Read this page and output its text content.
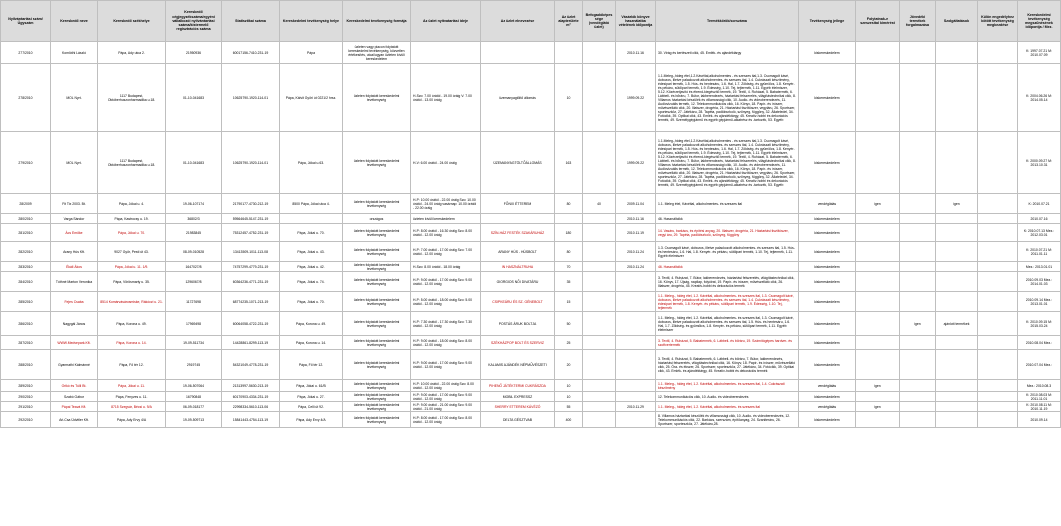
Nyilvántartási szám/ Ügyszám	Kereskedő neve	Kereskedő székhelye	Kereskedő cégjegyzékszáma/egyéni vállalkozói nyilvántartási száma/kistermelő regisztrációs száma	Statisztikai száma	Kereskedelmi tevékenység helye	Kereskedelmi tevékenység formája	Az üzlet nyitvatartási ideje	Az üzlet elnevezése	Az üzlet alapterülete m²	Befogadóképessége (vendéglátó üzlet)	Vásárlók könyve használatba vételének időpontja	Termékkörök/sorszáma	Tevékenység jellege	Folytatnak-e szeszesital kimérést	Jövedéki termékek forgalmazása	Szolgáltatások	Külön engedélyhez kötött tevékenység megkezdése	Kereskedelmi tevékenység megszűnésének időpontja / Mez.
277/2010	Komlóthi László	Pápa, Ady utca 2.	21950936	60017156-7410-231-19	Pápa	üzleten vagy piacon folytatott kereskedelmi tevékenység, közvetlen értékesítés, utcai/ugyan üzleten kívüli kereskedelem					2010.11.16	30. Virág és kertészeti cikk, 45. Emlék- és ajándéktárgy	kiskereskedelem					K: 1997.07.21 M: 2010.07.09
278/2010	MOL Nyrt.	1117 Budapest, Októberhuszonharmadika u.18.	01-10-041683	10625790-1920-114-01	Pápa, Kálvit Győri út 0221/2 hrsz.	üzleten folytatott kereskedelmi tevékenység	H-Szo: 7.00 órától - 19.00 óráig V: 7.00 órától - 13.00 óráig	üzemanyagtöltő állomás	10		1999.09.22	1.1.Meleg-,hideg étel,1.2.Kávéital,alkoholmentes - és szeszes ital,1.3. Csomagolt kávé, dobozos, illetve palackozott alkoholmentes- és szeszes ital, 1.4. Cukrászati készítmény, édesipari termék, 1.5. Hús- és hentesáru, 1.6. Hal, 1.7. Zöldség- és gyümölcs, 1.8. Kenyér- és pékáru, sütőipari termék, 1.9. Édesség, 1.10. Tej, tejtermék, 1.11. Egyéb élelmiszer, 5.12. Közérzetjavító és étrend-kiegészítő termék, 19. Textil, 4. Ruházat, 5. Babatermék, 6. Lábbeli- és bőráru, 7. Bútor, lakberendezés, háztartási felszerelés, világítástechnikai cikk, 8. Villamos háztartási készülék és villamossági cikk, 10. Audio- és videoberendezés, 11. Audiovizuális termék, 12. Telekommunikációs cikk, 16. Könyv, 18. Papír- és írószer, művészellátó cikk, 20. Illatszer, drogéria, 21. Háztartási tisztítószer, vegyiáru, 26. Sportszer, sporteszköz, 27. Játékáru, 28. Tapéta, padlóburkoló, szőnyeg, függöny, 32. Állateledel, 34. Fotócikk, 39. Optikai cikk, 43. Emlék- és ajándéktárgy, 45. Kreatív-hobbi és dekorációs termék, 49. Személygépjármű és egyéb gépjármű-alkatrész és -tartozék, 53. Egyéb	kiskereskedelem					K: 2004.06.26 M: 2014.05.14
279/2010	MOL Nyrt.	1117 Budapest, Októberhuszonharmadika u.18.	01-10-041683	10625790-1920-114-01	Pápa, Jókai u.63.	üzleten folytatott kereskedelmi tevékenység	H-V: 6.00 órától - 24.00 óráig	ÜZEMANYAGTÖLTŐÁLLOMÁS	163		1999.09.22	1.1.Meleg-,hideg étel,1.2.Kávéital,alkoholmentes - és szeszes ital,1.3. Csomagolt kávé, dobozos, illetve palackozott alkoholmentes- és szeszes ital, 1.4. Cukrászati készítmény, édesipari termék, 1.5. Hús- és hentesáru, 1.6. Hal, 1.7. Zöldség- és gyümölcs, 1.8. Kenyér- és pékáru, sütőipari termék, 1.9. Édesség, 1.10. Tej, tejtermék, 1.11. Egyéb élelmiszer, 5.12. Közérzetjavító és étrend-kiegészítő termék, 19. Textil, 4. Ruházat, 5. Babatermék, 6. Lábbeli- és bőráru, 7. Bútor, lakberendezés, háztartási felszerelés, világítástechnikai cikk, 8. Villamos háztartási készülék és villamossági cikk, 10. Audio- és videoberendezés, 11. Audiovizuális termék, 12. Telekommunikációs cikk, 16. Könyv, 18. Papír- és írószer, művészellátó cikk, 20. Illatszer, drogéria, 21. Háztartási tisztítószer, vegyiáru, 26. Sportszer, sporteszköz, 27. Játékáru, 28. Tapéta, padlóburkoló, szőnyeg, függöny, 32. Állateledel, 34. Fotócikk, 39. Optikai cikk, 43. Emlék- és ajándéktárgy, 45. Kreatív-hobbi és dekorációs termék, 49. Személygépjármű és egyéb gépjármű-alkatrész és -tartozék, 53. Egyéb	kiskereskedelem					K: 2000.09.27 M: 2013.10.31
28/2009	Fit Tix 2003. Bt.	Pápa, Jókai u. 4.	19-06-107174	21790177-4730-212-19	8500 Pápa, Jókai utca 4.	üzleten folytatott kereskedelmi tevékenység	H-P: 10.00 órától - 22.00 óráig Szo: 10.00 órától - 24.00 óráig vasárnap: 10.00 órától - 22.00 óráig	FŐNIX ÉTTEREM	80	40	2009.11.04	1.1. Meleg étel, Kávéital, alkoholmentes- és szeszes ital	vendéglátás	igen		igen		K: 2010.07.21
280/2010	Varga Sándor	Pápa, Kastrocsy u. 19.	36802/3	59564645-5147-231-19		országos	üzleten kívüli kereskedelem				2010.11.16	46. Használtcikk	kiskereskedelem					2010.07.16
281/2010	Ács Emőke	Pápa, Jókai u. 70.	21983845	75312457-4752-231-19	Pápa, Jókai u. 70.	üzleten folytatott kereskedelmi tevékenység	H-P: 8.00 órától - 16.30 óráig Szo: 8.00 órától - 12.00 óráig	SZÍN-HÁZ FESTÉK SZAKÁRUHÁZ	180		2010.11.19	14. Vasáru, barkács, és építési anyag, 20. Illatszer, drogéria, 21. Háztartási tisztítószer, vegyi áru, 29. Tapéta, padlóburkoló, szőnyeg, függöny	kiskereskedelem					K: 2010.07.13 Mez.: 2012.03.01
282/2010	Arany Hús Kft.	9027 Győr, Pesti út 43.	08-09-010528	13413509-1011-113-08	Pápa, Jókai u. 43.	üzleten folytatott kereskedelmi tevékenység	H-P: 7.00 órától - 17.00 óráig Szo: 7.00 órától - 12.00 óráig	ARANY HÚS - HÚSBOLT	80		2010.11.24	1.3. Csomagolt kávé, dobozos, illetve palackozott alkoholmentes- és szeszes ital, 1.5. Hús- és hentesáru, 1.6. Hal, 1.8. Kenyér- és pékáru, sütőipari termék, 1.10. Tej, tejtermék, 1.11. Egyéb élelmiszer	kiskereskedelem					K: 2010.07.21 M: 2011.01.11
283/2010	Ékáli Ákos	Pápa, Jókai u. 11. 1/9.	1647027/8	74757299-4779-231-19	Pápa, Jókai u. 42.	üzleten folytatott kereskedelmi tevékenység	H-Szo: 8.00 órától - 18.00 óráig	IN HASZNÁLTRUHA	70		2010.11.24	46. Használtcikk	kiskereskedelem					Mez.: 2013.01.01
284/2010	Tóthné Marton Veronika	Pápa, Vörösmarty u. 35.	1296067/8	60364236-4771-231-19	Pápa, Jókai u. 74.	üzleten folytatott kereskedelmi tevékenység	H-P: 9.00 órától - 17.00 óráig Szo: 9.00 órától - 12.00 óráig	GIORGIOS NŐI DIVATÁRU	35			3. Textil, 4. Ruházat, 7. Bútor, lakberendezés, háztartási felszerelés, világítástechnikai cikk, 16. Könyv, 17. Újság, napilap, folyóirat, 19. Papír- és írószer, művészellátó cikk, 26. Illatszer, drogéria, 45. Kreatív-hobbi és dekorációs termék	kiskereskedelem					2010.09.03 Mez.: 2014.01.03
285/2010	Fejes Csaba	8514 Komárvásárosmiske, Rákóczi u. 21.	11727698	68774235-1071-213-19	Pápa, Jókai u. 70.	üzleten folytatott kereskedelmi tevékenység	H-P: 5.00 órától - 18.00 óráig Szo: 5.00 órától - 12.00 óráig	CSIPKEÁRU ÉS SZ. GÉNEBOLT	15			1.1. Meleg-, hideg étel, 1.2. Kávéital, alkoholmentes- és szeszes ital, 1.3. Csomagolt kávé, dobozos, illetve palackozott alkoholmentes- és szeszes ital, 1.4. Cukrászati készítmény, édesipari termék, 1.8. Kenyér- és pékáru, sütőipari termék, 1.9. Édesség, 1.10. Tej, tejtermék	kiskereskedelem					2010.09.14 Mez.: 2013.01.01
286/2010	Nagygál János	Pápa, Korona u. 49.	17969498	60064058-4722-231-19	Pápa, Korona u. 49.	üzleten folytatott kereskedelmi tevékenység	H-P: 7.30 órától - 17.30 óráig Szo: 7.30 órától - 12.00 óráig	POSTÁS ÁRUK BOLTJA	50			1.1. Meleg-, hideg étel, 1.2. Kávéital, alkoholmentes- és szeszes ital, 1.3. Csomagolt kávé, dobozos, illetve palackozott alkoholmentes- és szeszes ital, 1.5. Hús- és hentesáru, 1.6. Hal, 1.7. Zöldség- és gyümölcs, 1.8. Kenyér- és pékáru, sütőipari termék, 1.11. Egyéb élelmiszer	kiskereskedelem		igen	ajánlott termékek		K: 2010.09.15 M: 2015.03.24
287/2010	WWW.Medvepark.Kft.	Pápa, Korona u. 14.	19-09-511734	14428861-8299-113-19	Pápa, Korona u. 14.	üzleten folytatott kereskedelmi tevékenység	H-P: 9.00 órától - 18.00 óráig Szo: 8.00 órától - 12.00 óráig	SZÉKHÁZPOP BOLT ÉS SZERVIZ	25			3. Textil, 4. Ruházat, 5. Babatermék, 6. Lábbeli- és bőráru, 19. Számítógépes hardver- és szoftvertermék	kiskereskedelem					2010.08.04 Mez.:
288/2010	Gyarmathi Kálmánné	Pápa, Fő tér 12.	2919745	54321049-4778-231-19	Pápa, Fő tér 12.	üzleten folytatott kereskedelmi tevékenység	H-P: 9.00 órától - 17.00 óráig Szo: 9.00 órától - 12.00 óráig	KALAMIS AJÁNDÉK NÉPMŰVÉSZETI	20			3. Textil, 4. Ruházat, 5. Babatermék, 6. Lábbeli- és bőráru, 7. Bútor, lakberendezés, háztartási felszerelés, világítástechnikai cikk, 16. Könyv, 18. Papír- és írószer, művészellátó cikk, 25. Óra- és ékszer, 26. Sportszer, sporteszköz, 27. Játékáru, 34. Fotócikk, 39. Optikai cikk, 43. Emlék- és ajándéktárgy, 45. Kreatív-hobbi és dekorációs termék	kiskereskedelem					2010.07.04 Mez.:
289/2010	Orikó és Túlli Bt.	Pápa, Jókai u. 11.	19-06-507064	21313997-5630-213-19	Pápa, Jókai u. 61/B	üzleten folytatott kereskedelmi tevékenység	H-P: 10.00 órától - 22.00 óráig Szo: 8.00 órától - 12.00 óráig	PIHENŐ JÁTÉKTERMI CUKRÁSZDA	10			1.1. Meleg-, hideg étel, 1.2. Kávéital, alkoholmentes- és szeszes ital, 1.4. Cukrászati készítmény	vendéglátás	igen				Mez.: 2010.08.3
290/2010	Szabó Gábor	Pápa, Fenyves u. 11.	16790848	60170903-4334-231-19	Pápa, Jókai u. 27.	üzleten folytatott kereskedelmi tevékenység	H-P: 9.00 órától - 17.00 óráig Szo: 9.00 órától - 12.00 óráig	MOBIL EXPRESSZ	10			12. Telekommunikációs cikk, 10. Audio- és videoberendezés	kiskereskedelem					K: 2010.08.03 M: 2011.11.01
291/2010	Pápai Teavá Kft.	8715 Szegvár, Bécsi u. 9/A	06-09-018177	22998334-5610-113-06	Pápa, Celli út 92.	üzleten folytatott kereskedelmi tevékenység	H-P: 9.00 órától - 21.00 óráig Szo: 9.00 órától - 21.00 óráig	SHERRY ETTEREM KÁVÉZÓ	55		2010.11.29	1.1. Meleg-, hideg étel, 1.2. Kávéital, alkoholmentes- és szeszes ital	vendéglátás	igen				K: 2010.08.11 M: 2010.11.19
292/2010	Ari-Csa Üdvitler Kft.	Pápa, Ady Ervy 4/A	19-09-509713	15841443-4754-113-19	Pápa, Ady Ervy 4/A	üzleten folytatott kereskedelmi tevékenység	H-P: 8.00 órától - 17.00 óráig Szo: 8.00 órától - 12.00 óráig	DELTA GÉSZTVAB	400			8. Villamos háztartási készülék és villamossági cikk, 10. Audio- és videoberendezés, 12. Telekommunikációs cikk, 22. Barkács, szerszám, építőanyag, 24. Szaniteráru, 26. Sportszer, sporteszköz, 27. Játékáru,28.	kiskereskedelem					2010.09.14
